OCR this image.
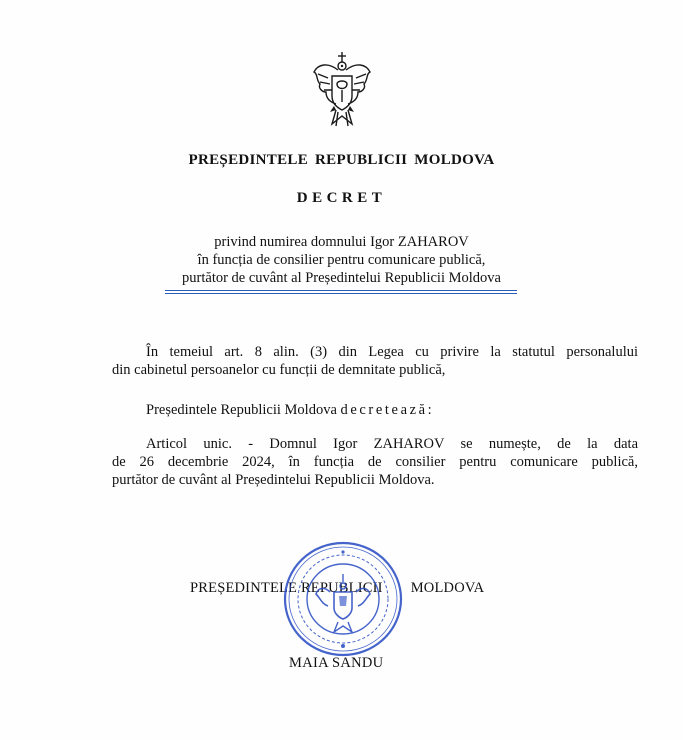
PREȘEDINTELE REPUBLICII MOLDOVA
DECRET
privind numirea domnului Igor ZAHAROV
în funcția de consilier pentru comunicare publică,
purtător de cuvânt al Președintelui Republicii Moldova
În temeiul art. 8 alin. (3) din Legea cu privire la statutul personalului
din cabinetul persoanelor cu funcții de demnitate publică,
Președintele Republicii Moldova decretează:
Articol unic. - Domnul Igor ZAHAROV se numește, de la data
de 26 decembrie 2024, în funcția de consilier pentru comunicare publică,
purtător de cuvânt al Președintelui Republicii Moldova.
PREȘEDINTELE REPUBLICII MOLDOVA
MAIA SANDU
